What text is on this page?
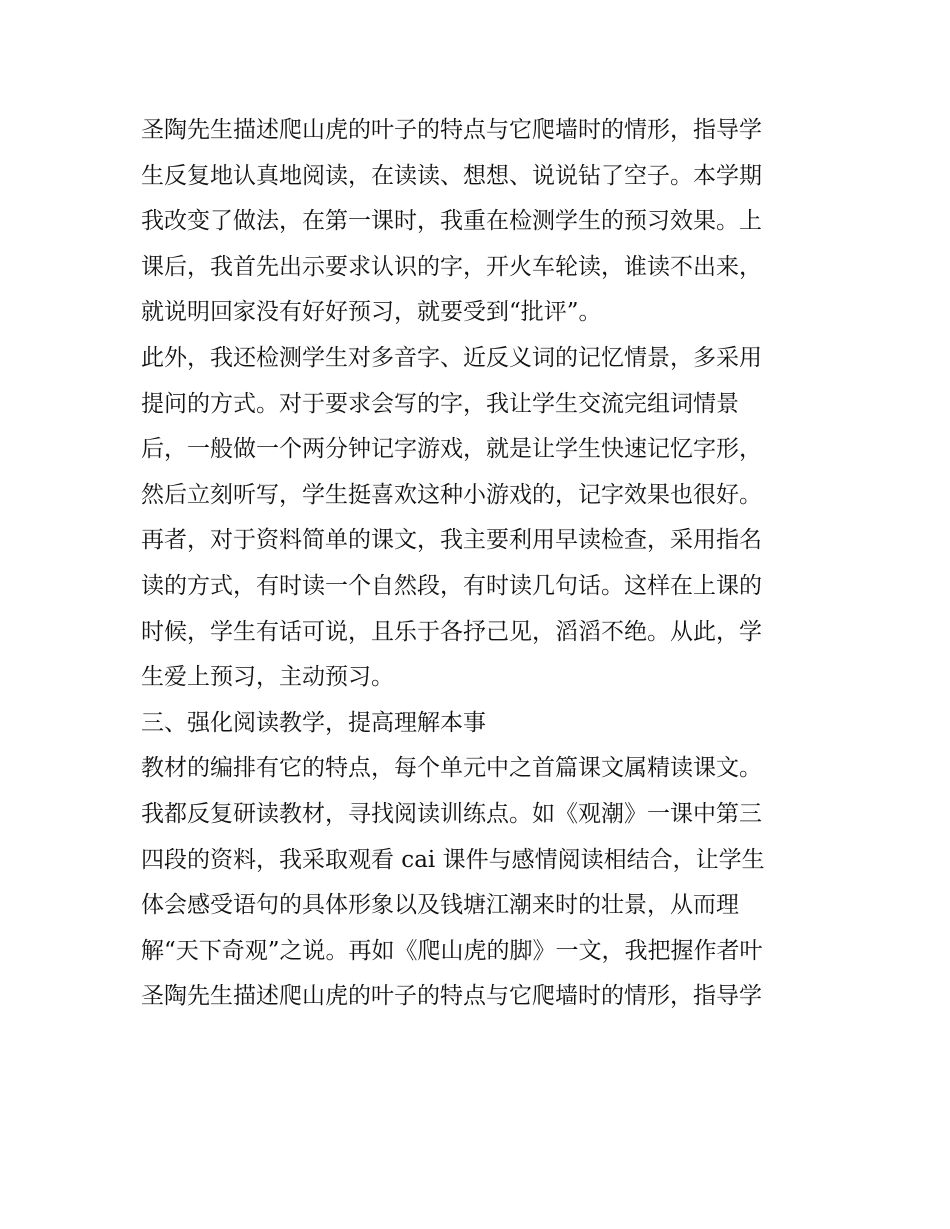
圣陶先生描述爬山虎的叶子的特点与它爬墙时的情形，指导学
生反复地认真地阅读，在读读、想想、说说钻了空子。本学期
我改变了做法，在第一课时，我重在检测学生的预习效果。上
课后，我首先出示要求认识的字，开火车轮读，谁读不出来，
就说明回家没有好好预习，就要受到“批评”。
此外，我还检测学生对多音字、近反义词的记忆情景，多采用
提问的方式。对于要求会写的字，我让学生交流完组词情景
后，一般做一个两分钟记字游戏，就是让学生快速记忆字形，
然后立刻听写，学生挺喜欢这种小游戏的，记字效果也很好。
再者，对于资料简单的课文，我主要利用早读检查，采用指名
读的方式，有时读一个自然段，有时读几句话。这样在上课的
时候，学生有话可说，且乐于各抒己见，滔滔不绝。从此，学
生爱上预习，主动预习。
三、强化阅读教学，提高理解本事
教材的编排有它的特点，每个单元中之首篇课文属精读课文。
我都反复研读教材，寻找阅读训练点。如《观潮》一课中第三
四段的资料，我采取观看 cai 课件与感情阅读相结合，让学生
体会感受语句的具体形象以及钱塘江潮来时的壮景，从而理
解“天下奇观”之说。再如《爬山虎的脚》一文，我把握作者叶
圣陶先生描述爬山虎的叶子的特点与它爬墙时的情形，指导学
